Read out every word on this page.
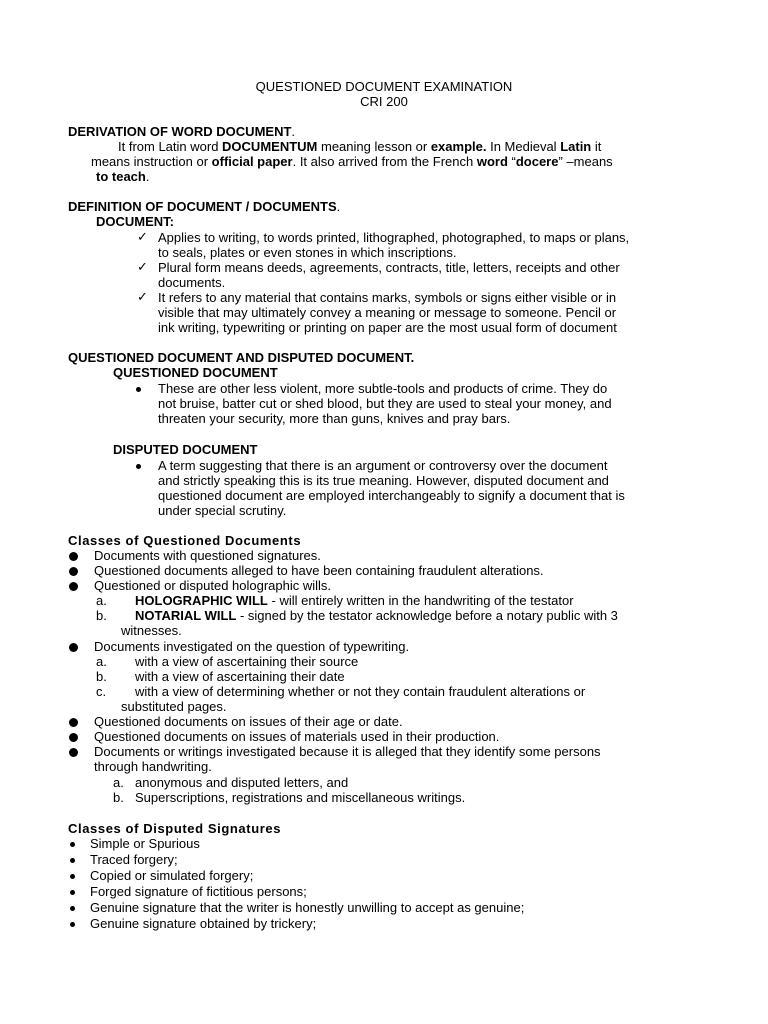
QUESTIONED DOCUMENT EXAMINATION
CRI 200
DERIVATION OF WORD DOCUMENT.
It from Latin word DOCUMENTUM meaning lesson or example. In Medieval Latin it
means instruction or official paper. It also arrived from the French word “docere” –means
to teach.
DEFINITION OF DOCUMENT / DOCUMENTS.
DOCUMENT:
✓ Applies to writing, to words printed, lithographed, photographed, to maps or plans,
to seals, plates or even stones in which inscriptions.
✓ Plural form means deeds, agreements, contracts, title, letters, receipts and other
documents.
✓ It refers to any material that contains marks, symbols or signs either visible or in
visible that may ultimately convey a meaning or message to someone. Pencil or
ink writing, typewriting or printing on paper are the most usual form of document
QUESTIONED DOCUMENT AND DISPUTED DOCUMENT.
QUESTIONED DOCUMENT
These are other less violent, more subtle-tools and products of crime. They do
not bruise, batter cut or shed blood, but they are used to steal your money, and
threaten your security, more than guns, knives and pray bars.
DISPUTED DOCUMENT
A term suggesting that there is an argument or controversy over the document
and strictly speaking this is its true meaning. However, disputed document and
questioned document are employed interchangeably to signify a document that is
under special scrutiny.
Classes of Questioned Documents
Documents with questioned signatures.
Questioned documents alleged to have been containing fraudulent alterations.
Questioned or disputed holographic wills.
a. HOLOGRAPHIC WILL - will entirely written in the handwriting of the testator
b. NOTARIAL WILL - signed by the testator acknowledge before a notary public with 3
witnesses.
Documents investigated on the question of typewriting.
a. with a view of ascertaining their source
b. with a view of ascertaining their date
c. with a view of determining whether or not they contain fraudulent alterations or
substituted pages.
Questioned documents on issues of their age or date.
Questioned documents on issues of materials used in their production.
Documents or writings investigated because it is alleged that they identify some persons
through handwriting.
a. anonymous and disputed letters, and
b. Superscriptions, registrations and miscellaneous writings.
Classes of Disputed Signatures
Simple or Spurious
Traced forgery;
Copied or simulated forgery;
Forged signature of fictitious persons;
Genuine signature that the writer is honestly unwilling to accept as genuine;
Genuine signature obtained by trickery;
